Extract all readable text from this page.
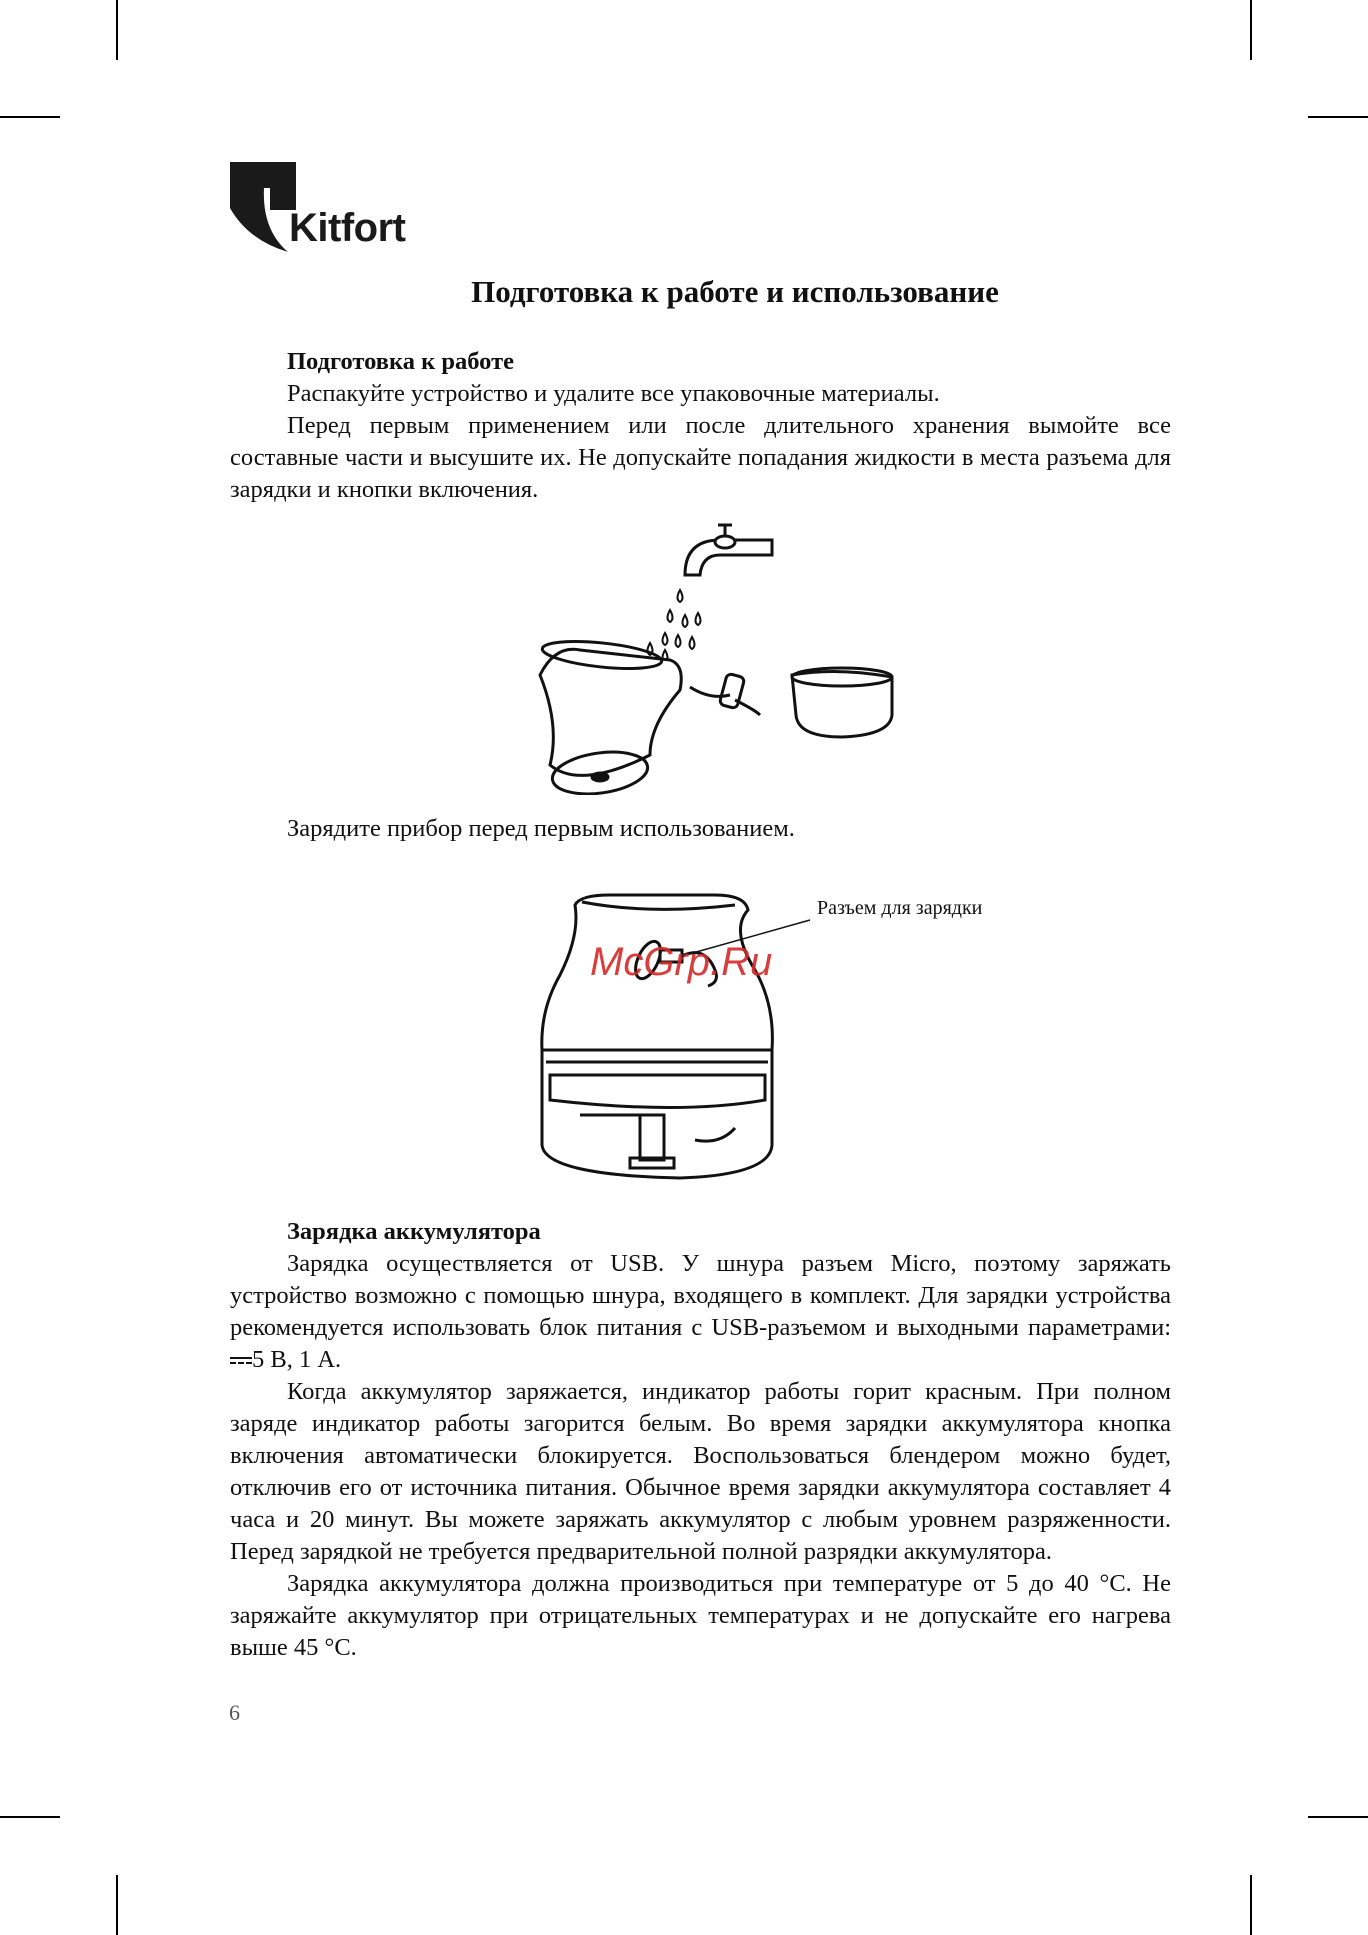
Kitfort
Подготовка к работе и использование
Подготовка к работе

Распакуйте устройство и удалите все упаковочные материалы.

Перед первым применением или после длительного хранения вымойте все составные части и высушите их. Не допускайте попадания жидкости в места разъема для зарядки и кнопки включения.

Зарядите прибор перед первым использованием.
Разъем для зарядки
McGrp.Ru
Зарядка аккумулятора

Зарядка осуществляется от USB. У шнура разъем Micro, поэтому заряжать устройство возможно с помощью шнура, входящего в комплект. Для зарядки устройства рекомендуется использовать блок питания с USB-разъемом и выходными параметрами: 5 В, 1 А.

Когда аккумулятор заряжается, индикатор работы горит красным. При полном заряде индикатор работы загорится белым. Во время зарядки аккумулятора кнопка включения автоматически блокируется. Воспользоваться блендером можно будет, отключив его от источника питания. Обычное время зарядки аккумулятора составляет 4 часа и 20 минут. Вы можете заряжать аккумулятор с любым уровнем разряженности. Перед зарядкой не требуется предварительной полной разрядки аккумулятора.

Зарядка аккумулятора должна производиться при температуре от 5 до 40 °С. Не заряжайте аккумулятор при отрицательных температурах и не допускайте его нагрева выше 45 °С.

6
